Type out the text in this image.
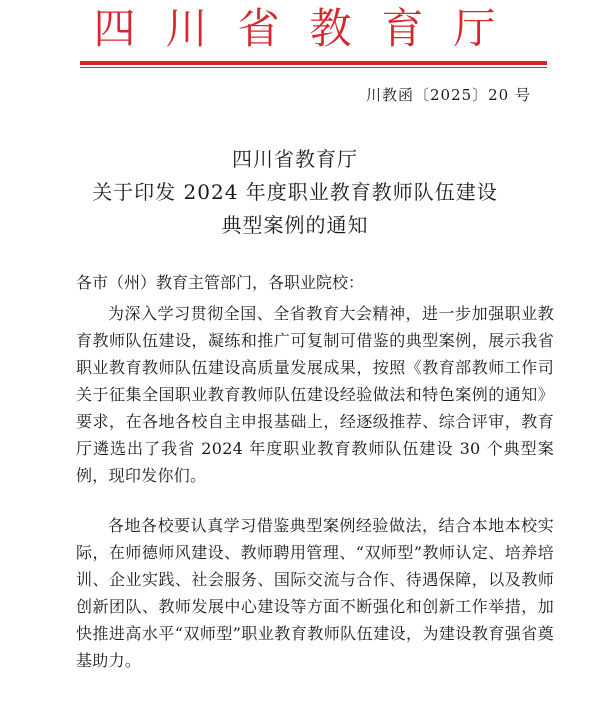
四川省教育厅
川教函〔2025〕20 号
四川省教育厅
关于印发 2024 年度职业教育教师队伍建设
典型案例的通知
各市（州）教育主管部门，各职业院校：

为深入学习贯彻全国、全省教育大会精神，进一步加强职业教育教师队伍建设，凝练和推广可复制可借鉴的典型案例，展示我省职业教育教师队伍建设高质量发展成果，按照《教育部教师工作司关于征集全国职业教育教师队伍建设经验做法和特色案例的通知》要求，在各地各校自主申报基础上，经逐级推荐、综合评审，教育厅遴选出了我省 2024 年度职业教育教师队伍建设 30 个典型案例，现印发你们。

各地各校要认真学习借鉴典型案例经验做法，结合本地本校实际，在师德师风建设、教师聘用管理、“双师型”教师认定、培养培训、企业实践、社会服务、国际交流与合作、待遇保障，以及教师创新团队、教师发展中心建设等方面不断强化和创新工作举措，加快推进高水平“双师型”职业教育教师队伍建设，为建设教育强省奠基助力。
